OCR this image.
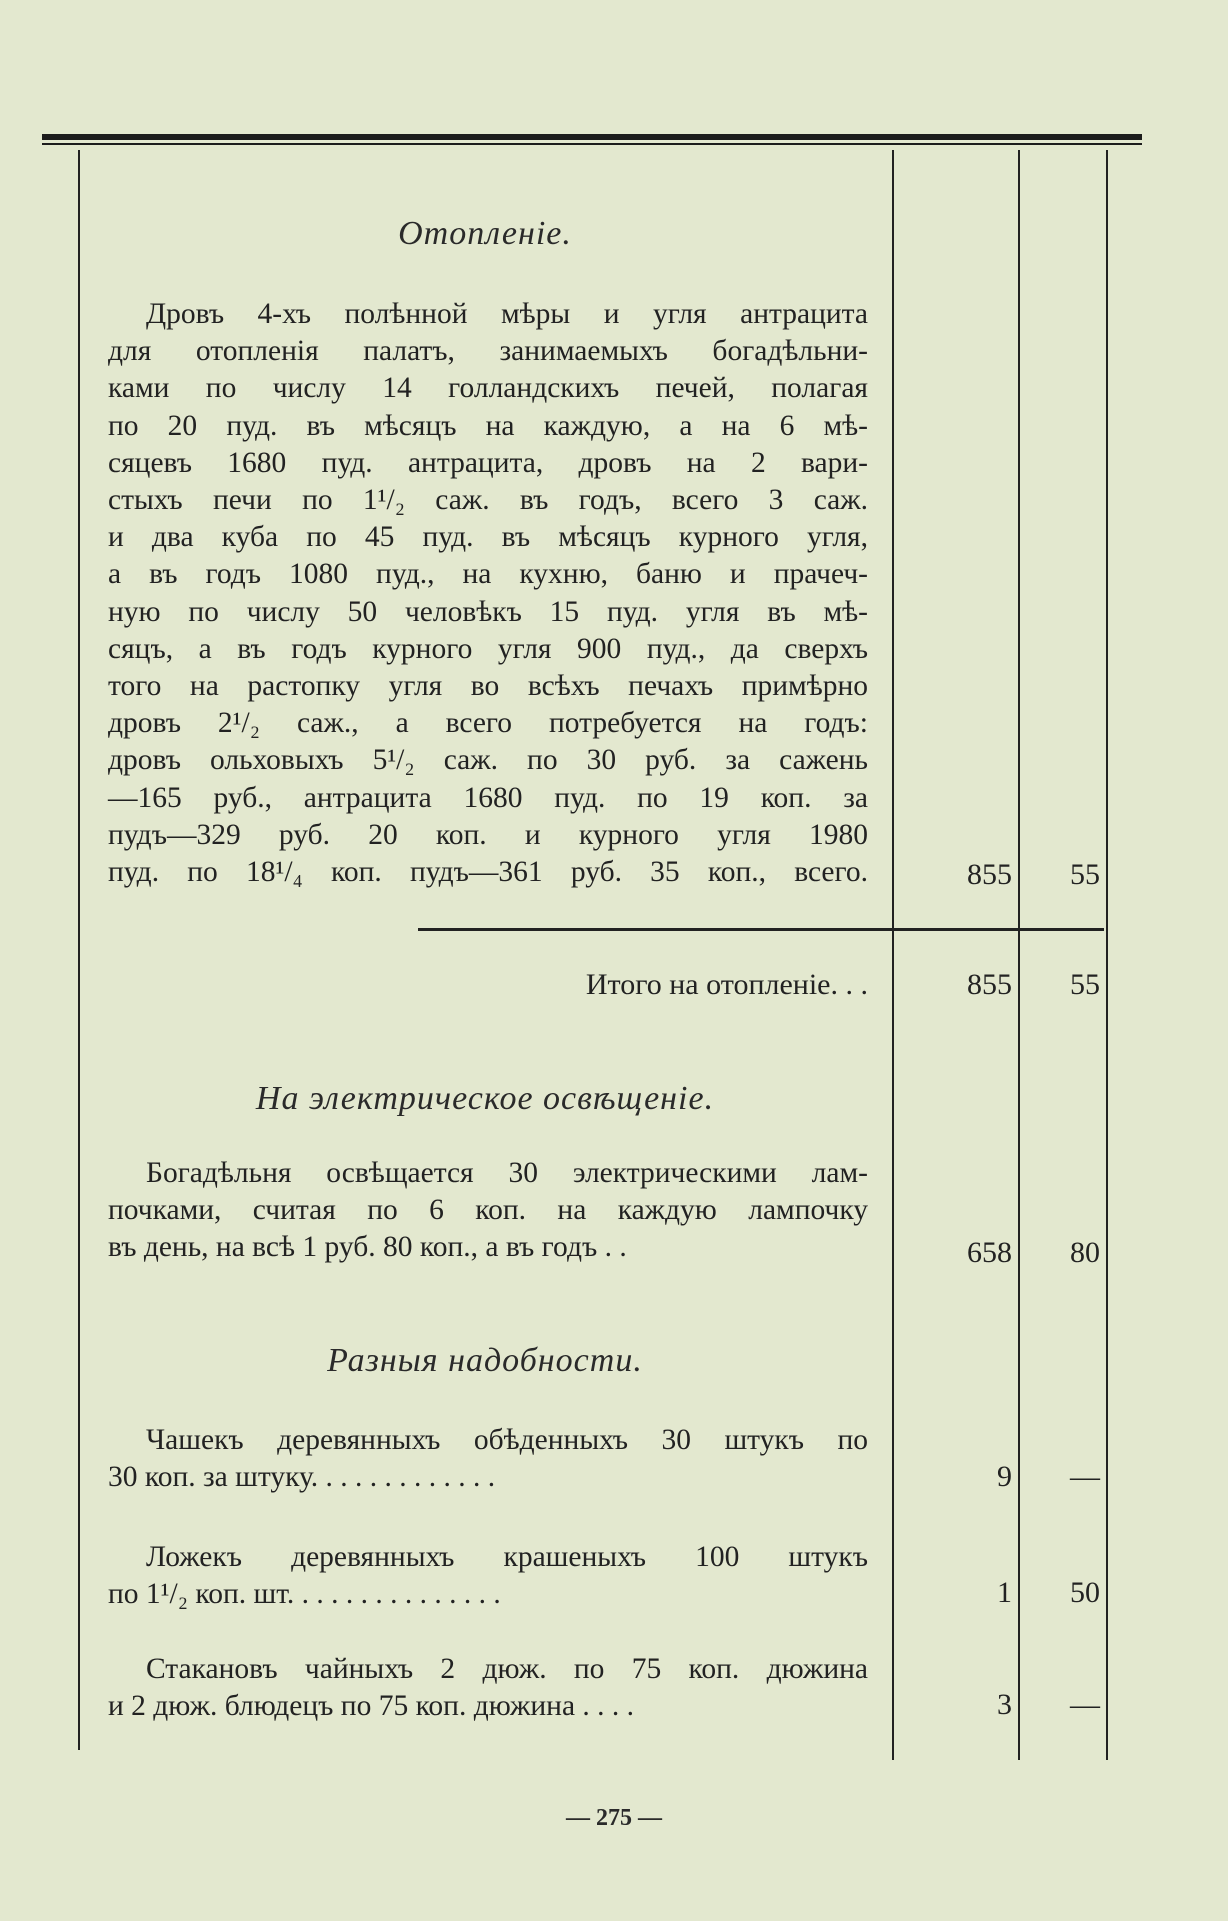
Отопленіе.
Дровъ 4-хъ полѣнной мѣры и угля антрацита
для отопленія палатъ, занимаемыхъ богадѣльни-
ками по числу 14 голландскихъ печей, полагая
по 20 пуд. въ мѣсяцъ на каждую, а на 6 мѣ-
сяцевъ 1680 пуд. антрацита, дровъ на 2 вари-
стыхъ печи по 1¹/₂ саж. въ годъ, всего 3 саж.
и два куба по 45 пуд. въ мѣсяцъ курного угля,
а въ годъ 1080 пуд., на кухню, баню и прачеч-
ную по числу 50 человѣкъ 15 пуд. угля въ мѣ-
сяцъ, а въ годъ курного угля 900 пуд., да сверхъ
того на растопку угля во всѣхъ печахъ примѣрно
дровъ 2¹/₂ саж., а всего потребуется на годъ:
дровъ ольховыхъ 5¹/₂ саж. по 30 руб. за сажень
—165 руб., антрацита 1680 пуд. по 19 коп. за
пудъ—329 руб. 20 коп. и курного угля 1980
пуд. по 18¹/₄ коп. пудъ—361 руб. 35 коп., всего.	855	55
Итого на отопленіе. . .	855	55
На электрическое освѣщеніе.
Богадѣльня освѣщается 30 электрическими лам-
почками, считая по 6 коп. на каждую лампочку
въ день, на всѣ 1 руб. 80 коп., а въ годъ . .	658	80
Разныя надобности.
Чашекъ деревянныхъ обѣденныхъ 30 штукъ по
30 коп. за штуку. . . . . . . . . . . . .	9	—
Ложекъ деревянныхъ крашеныхъ 100 штукъ
по 1¹/₂ коп. шт. . . . . . . . . . . . . . .	1	50
Стакановъ чайныхъ 2 дюж. по 75 коп. дюжина
и 2 дюж. блюдецъ по 75 коп. дюжина . . . .	3	—
— 275 —
